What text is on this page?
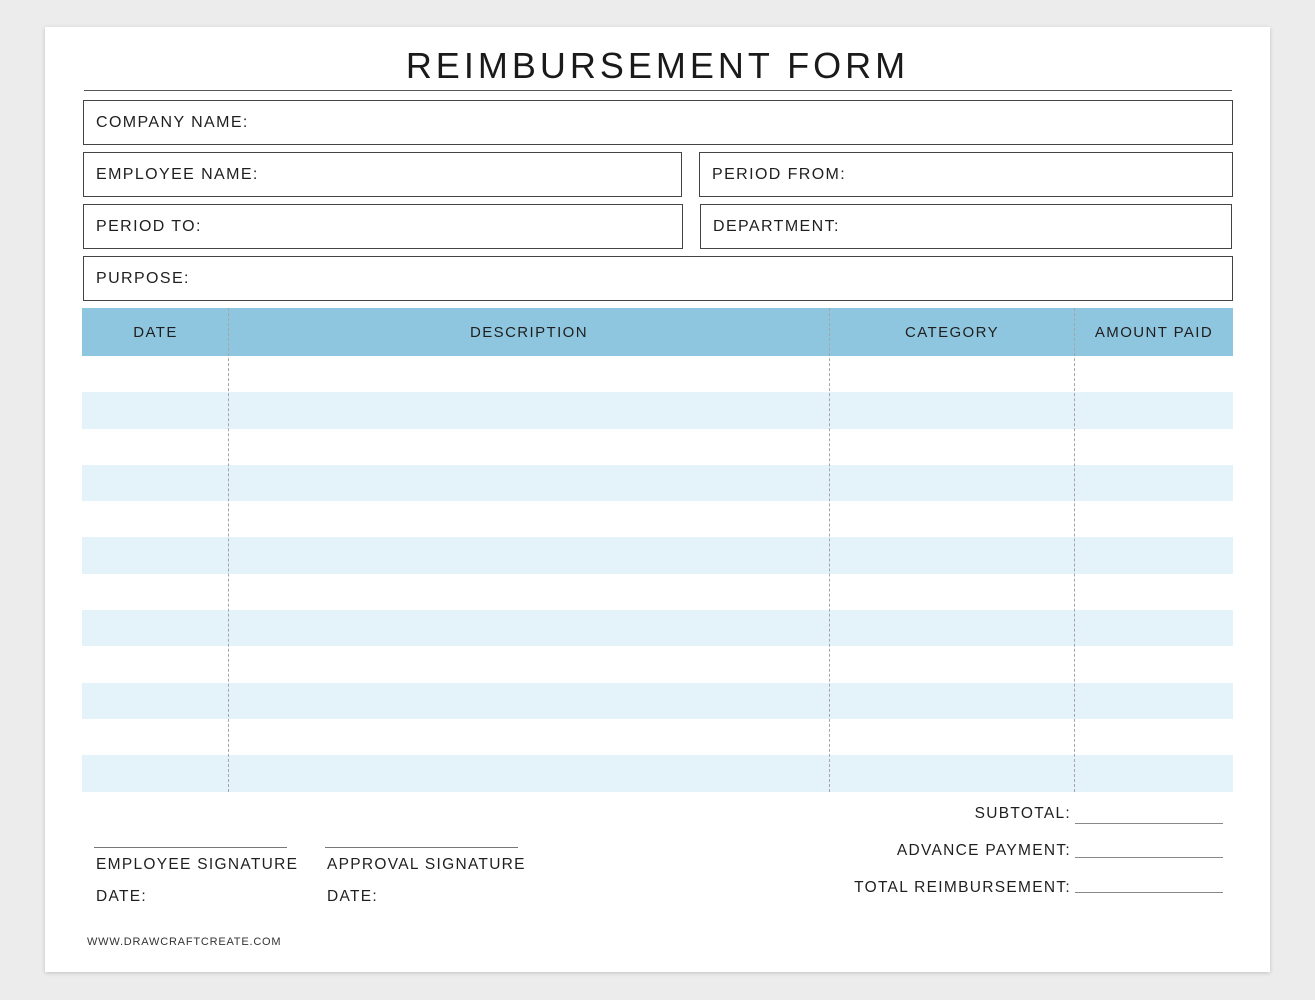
REIMBURSEMENT FORM
COMPANY NAME:
EMPLOYEE NAME:	PERIOD FROM:
PERIOD TO:	DEPARTMENT:
PURPOSE:
DATE	DESCRIPTION	CATEGORY	AMOUNT PAID
SUBTOTAL:
ADVANCE PAYMENT:
TOTAL REIMBURSEMENT:
EMPLOYEE SIGNATURE
DATE:
APPROVAL SIGNATURE
DATE:
WWW.DRAWCRAFTCREATE.COM
